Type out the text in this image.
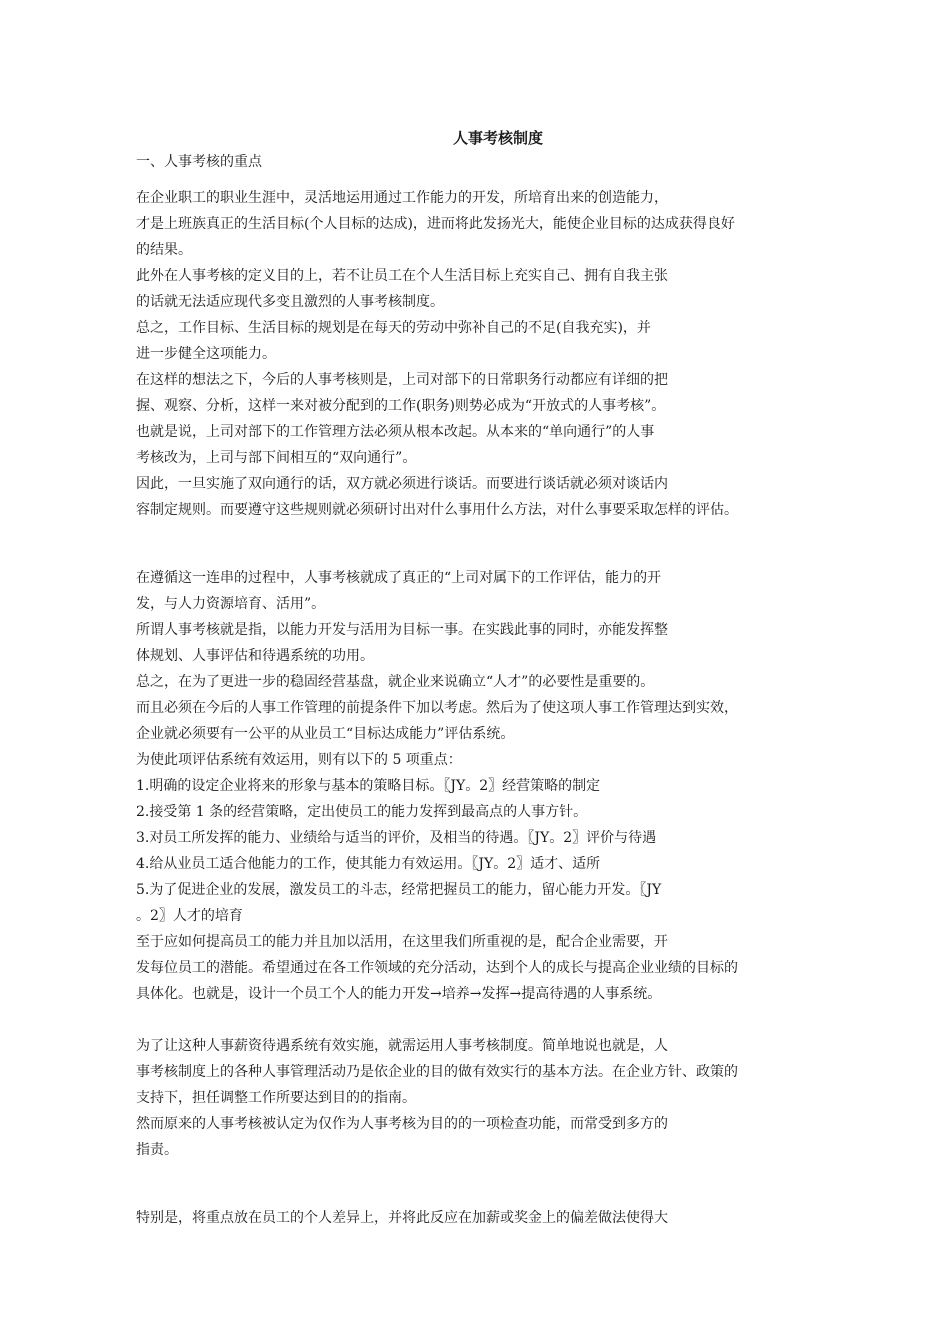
人事考核制度
一、人事考核的重点
在企业职工的职业生涯中，灵活地运用通过工作能力的开发，所培育出来的创造能力，
才是上班族真正的生活目标(个人目标的达成)，进而将此发扬光大，能使企业目标的达成获得良好
的结果。
此外在人事考核的定义目的上，若不让员工在个人生活目标上充实自己、拥有自我主张
的话就无法适应现代多变且激烈的人事考核制度。
总之，工作目标、生活目标的规划是在每天的劳动中弥补自己的不足(自我充实)，并
进一步健全这项能力。
在这样的想法之下，今后的人事考核则是，上司对部下的日常职务行动都应有详细的把
握、观察、分析，这样一来对被分配到的工作(职务)则势必成为“开放式的人事考核”。
也就是说，上司对部下的工作管理方法必须从根本改起。从本来的“单向通行”的人事
考核改为，上司与部下间相互的“双向通行”。
因此，一旦实施了双向通行的话，双方就必须进行谈话。而要进行谈话就必须对谈话内
容制定规则。而要遵守这些规则就必须研讨出对什么事用什么方法，对什么事要采取怎样的评估。
在遵循这一连串的过程中，人事考核就成了真正的“上司对属下的工作评估，能力的开
发，与人力资源培育、活用”。
所谓人事考核就是指，以能力开发与活用为目标一事。在实践此事的同时，亦能发挥整
体规划、人事评估和待遇系统的功用。
总之，在为了更进一步的稳固经营基盘，就企业来说确立“人才”的必要性是重要的。
而且必须在今后的人事工作管理的前提条件下加以考虑。然后为了使这项人事工作管理达到实效，
企业就必须要有一公平的从业员工“目标达成能力”评估系统。
为使此项评估系统有效运用，则有以下的 5 项重点：
1.明确的设定企业将来的形象与基本的策略目标。〖JY。2〗经营策略的制定
2.接受第 1 条的经营策略，定出使员工的能力发挥到最高点的人事方针。
3.对员工所发挥的能力、业绩给与适当的评价，及相当的待遇。〖JY。2〗评价与待遇
4.给从业员工适合他能力的工作，使其能力有效运用。〖JY。2〗适才、适所
5.为了促进企业的发展，激发员工的斗志，经常把握员工的能力，留心能力开发。〖JY
。2〗人才的培育
至于应如何提高员工的能力并且加以活用，在这里我们所重视的是，配合企业需要，开
发每位员工的潜能。希望通过在各工作领域的充分活动，达到个人的成长与提高企业业绩的目标的
具体化。也就是，设计一个员工个人的能力开发→培养→发挥→提高待遇的人事系统。
为了让这种人事薪资待遇系统有效实施，就需运用人事考核制度。简单地说也就是，人
事考核制度上的各种人事管理活动乃是依企业的目的做有效实行的基本方法。在企业方针、政策的
支持下，担任调整工作所要达到目的的指南。
然而原来的人事考核被认定为仅作为人事考核为目的的一项检查功能，而常受到多方的
指责。
特别是，将重点放在员工的个人差异上，并将此反应在加薪或奖金上的偏差做法使得大
